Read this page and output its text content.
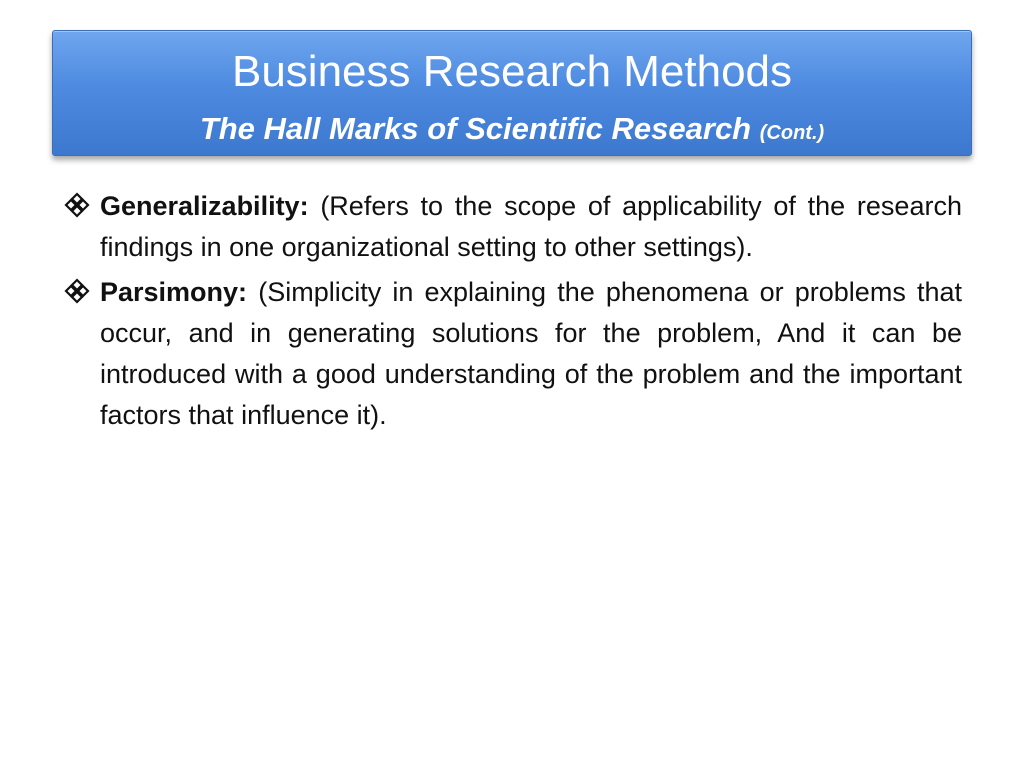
Business Research Methods
The Hall Marks of Scientific Research (Cont.)
Generalizability: (Refers to the scope of applicability of the research findings in one organizational setting to other settings).
Parsimony: (Simplicity in explaining the phenomena or problems that occur, and in generating solutions for the problem, And it can be introduced with a good understanding of the problem and the important factors that influence it).
